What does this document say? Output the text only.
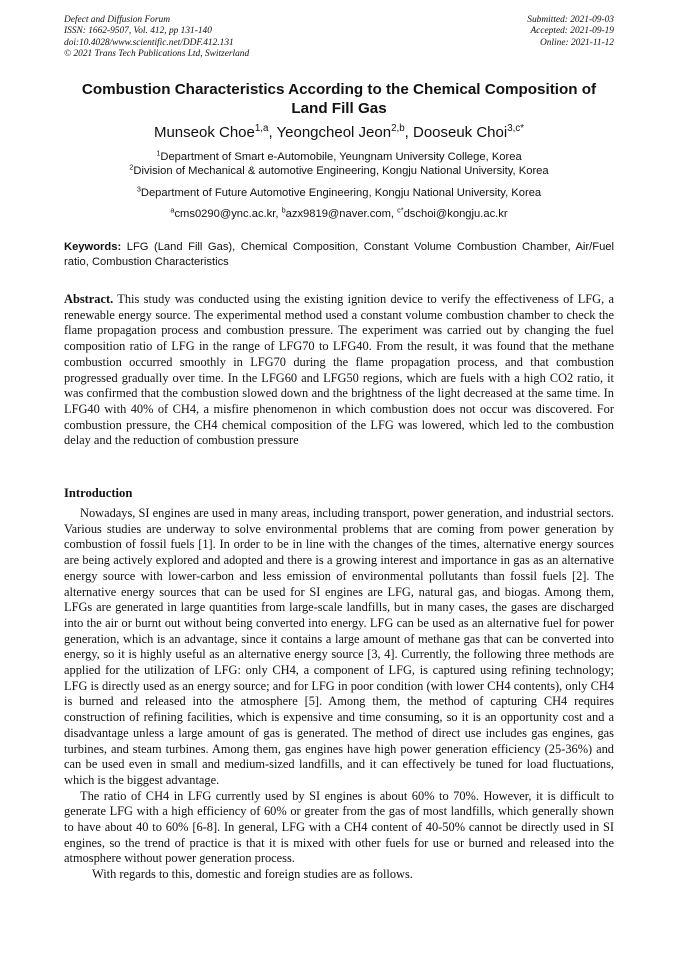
Defect and Diffusion Forum
ISSN: 1662-9507, Vol. 412, pp 131-140
doi:10.4028/www.scientific.net/DDF.412.131
© 2021 Trans Tech Publications Ltd, Switzerland
Submitted: 2021-09-03
Accepted: 2021-09-19
Online: 2021-11-12
Combustion Characteristics According to the Chemical Composition of
Land Fill Gas
Munseok Choe$^{1,a}$, Yeongcheol Jeon$^{2,b}$, Dooseuk Choi$^{3,c*}$
$^1$Department of Smart e-Automobile, Yeungnam University College, Korea
$^2$Division of Mechanical & automotive Engineering, Kongju National University, Korea
$^3$Department of Future Automotive Engineering, Kongju National University, Korea
$^a$cms0290@ync.ac.kr, $^b$azx9819@naver.com, $^{c*}$dschoi@kongju.ac.kr
Keywords: LFG (Land Fill Gas), Chemical Composition, Constant Volume Combustion Chamber, Air/Fuel ratio, Combustion Characteristics
Abstract. This study was conducted using the existing ignition device to verify the effectiveness of LFG, a renewable energy source. The experimental method used a constant volume combustion chamber to check the flame propagation process and combustion pressure. The experiment was carried out by changing the fuel composition ratio of LFG in the range of LFG70 to LFG40. From the result, it was found that the methane combustion occurred smoothly in LFG70 during the flame propagation process, and that combustion progressed gradually over time. In the LFG60 and LFG50 regions, which are fuels with a high CO2 ratio, it was confirmed that the combustion slowed down and the brightness of the light decreased at the same time. In LFG40 with 40% of CH4, a misfire phenomenon in which combustion does not occur was discovered. For combustion pressure, the CH4 chemical composition of the LFG was lowered, which led to the combustion delay and the reduction of combustion pressure
Introduction

Nowadays, SI engines are used in many areas, including transport, power generation, and industrial sectors. Various studies are underway to solve environmental problems that are coming from power generation by combustion of fossil fuels [1]. In order to be in line with the changes of the times, alternative energy sources are being actively explored and adopted and there is a growing interest and importance in gas as an alternative energy source with lower-carbon and less emission of environmental pollutants than fossil fuels [2]. The alternative energy sources that can be used for SI engines are LFG, natural gas, and biogas. Among them, LFGs are generated in large quantities from large-scale landfills, but in many cases, the gases are discharged into the air or burnt out without being converted into energy. LFG can be used as an alternative fuel for power generation, which is an advantage, since it contains a large amount of methane gas that can be converted into energy, so it is highly useful as an alternative energy source [3, 4]. Currently, the following three methods are applied for the utilization of LFG: only CH4, a component of LFG, is captured using refining technology; LFG is directly used as an energy source; and for LFG in poor condition (with lower CH4 contents), only CH4 is burned and released into the atmosphere [5]. Among them, the method of capturing CH4 requires construction of refining facilities, which is expensive and time consuming, so it is an opportunity cost and a disadvantage unless a large amount of gas is generated. The method of direct use includes gas engines, gas turbines, and steam turbines. Among them, gas engines have high power generation efficiency (25-36%) and can be used even in small and medium-sized landfills, and it can effectively be tuned for load fluctuations, which is the biggest advantage.

The ratio of CH4 in LFG currently used by SI engines is about 60% to 70%. However, it is difficult to generate LFG with a high efficiency of 60% or greater from the gas of most landfills, which generally shown to have about 40 to 60% [6-8]. In general, LFG with a CH4 content of 40-50% cannot be directly used in SI engines, so the trend of practice is that it is mixed with other fuels for use or burned and released into the atmosphere without power generation process.

With regards to this, domestic and foreign studies are as follows.
